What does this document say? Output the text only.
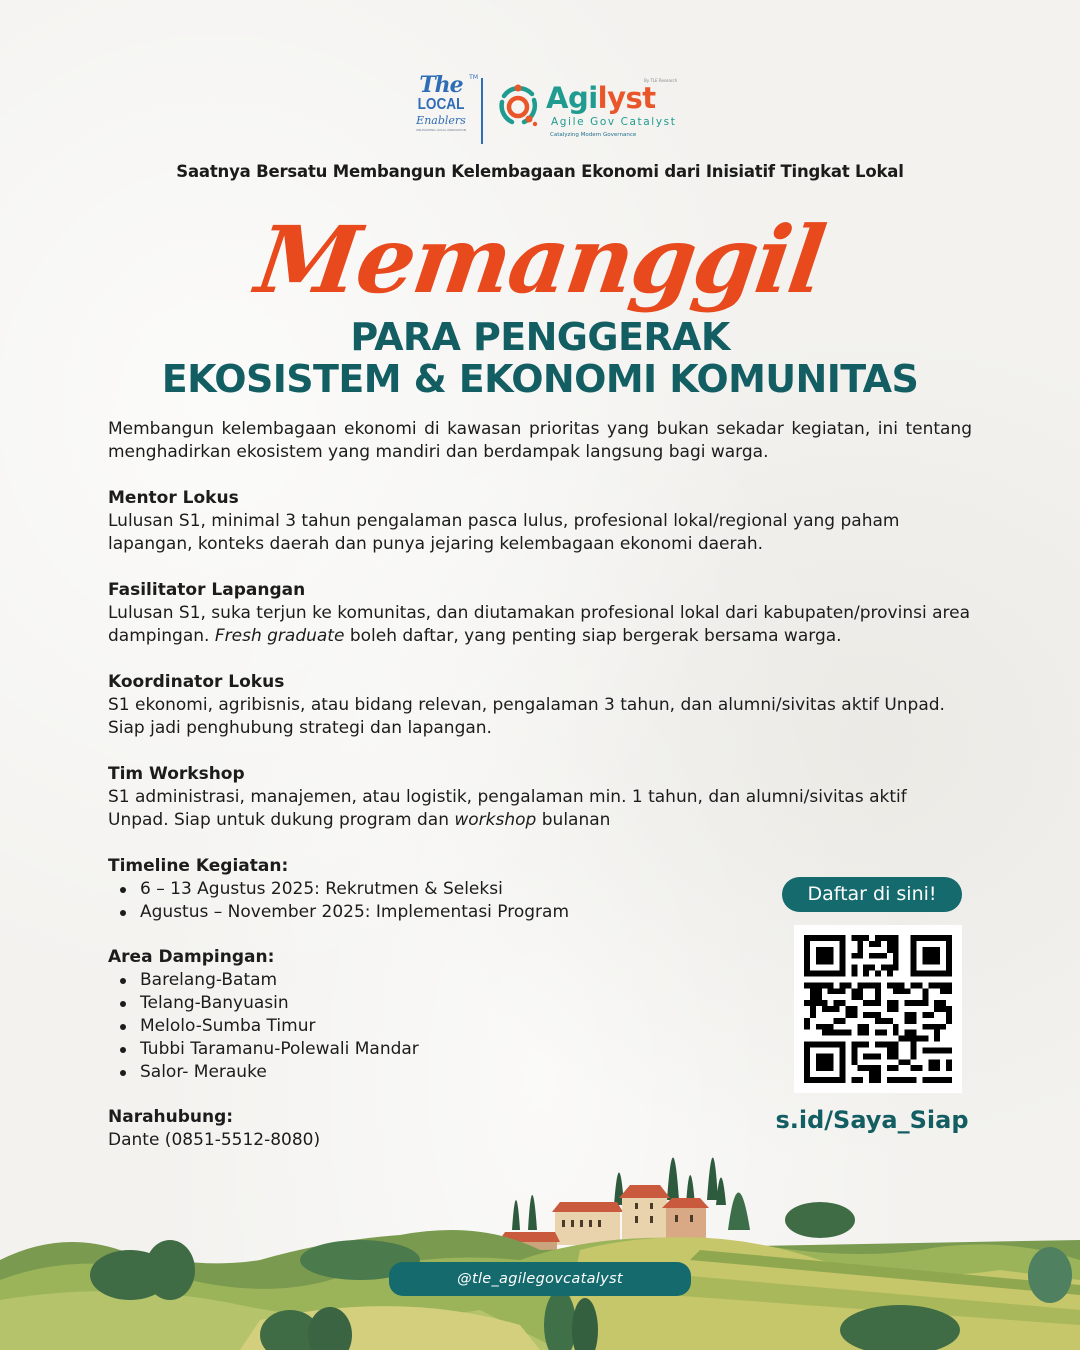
The	TM
LOCAL
Enablers
UNLEASHING LOCAL INNOVATION
Agilyst
Agile Gov Catalyst
Catalyzing Modern Governance
By TLE Research
Saatnya Bersatu Membangun Kelembagaan Ekonomi dari Inisiatif Tingkat Lokal
Memanggil
PARA PENGGERAK
EKOSISTEM & EKONOMI KOMUNITAS

Membangun kelembagaan ekonomi di kawasan prioritas yang bukan sekadar kegiatan, ini tentang menghadirkan ekosistem yang mandiri dan berdampak langsung bagi warga.

Mentor Lokus

Lulusan S1, minimal 3 tahun pengalaman pasca lulus, profesional lokal/regional yang paham lapangan, konteks daerah dan punya jejaring kelembagaan ekonomi daerah.

Fasilitator Lapangan

Lulusan S1, suka terjun ke komunitas, dan diutamakan profesional lokal dari kabupaten/provinsi area dampingan. Fresh graduate boleh daftar, yang penting siap bergerak bersama warga.

Koordinator Lokus

S1 ekonomi, agribisnis, atau bidang relevan, pengalaman 3 tahun, dan alumni/sivitas aktif Unpad. Siap jadi penghubung strategi dan lapangan.

Tim Workshop

S1 administrasi, manajemen, atau logistik, pengalaman min. 1 tahun, dan alumni/sivitas aktif Unpad. Siap untuk dukung program dan workshop bulanan

Timeline Kegiatan:
6 – 13 Agustus 2025: Rekrutmen & Seleksi
Agustus – November 2025: Implementasi Program
Area Dampingan:
Barelang-Batam
Telang-Banyuasin
Melolo-Sumba Timur
Tubbi Taramanu-Polewali Mandar
Salor- Merauke
Narahubung:

Dante (0851-5512-8080)

Daftar di sini!
s.id/Saya_Siap
@tle_agilegovcatalyst
